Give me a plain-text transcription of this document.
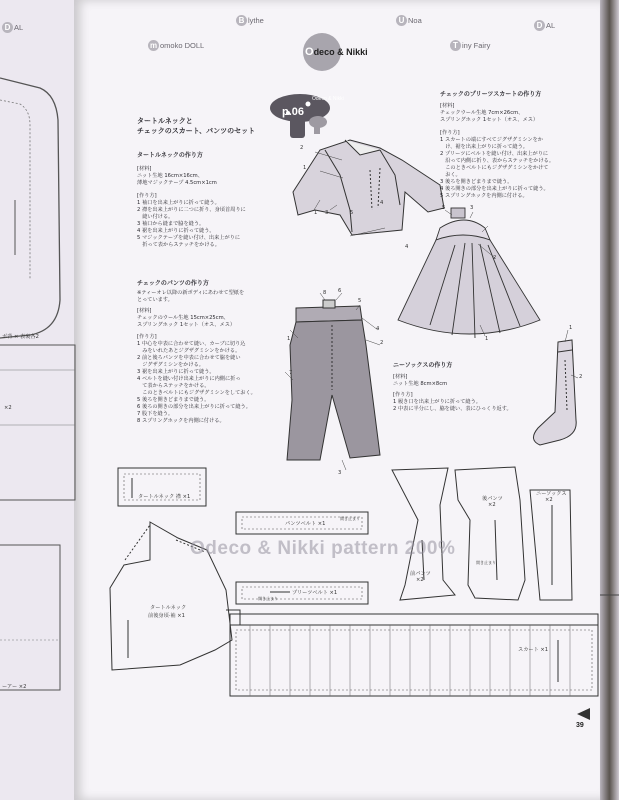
D AL
B lythe	U Noa
D AL
m omoko DOLL	T iny Fairy
Odeco & Nikki
p.06
Odeco & Nikki
タートルネックと
チェックのスカート、パンツのセット
タートルネックの作り方
[材料]
ニット生地 16cm×16cm、
薄地マジックテープ 4.5cm×1cm
[作り方]
1 袖口を出来上がりに折って縫う。
2 襟を出来上がりに二つに折り、身頃首周りに
　縫い付ける。
3 袖口から縫まで脇を縫う。
4 裾を出来上がりに折って縫う。
5 マジックテープを縫い付け、出来上がりに
　折って表からステッチをかける。
チェックのパンツの作り方
※ティーオレ以降の新ボディにあわせて型紙を
とっています。
[材料]
チェックのウール生地 15cm×25cm、
スプリングホック 1セット（オス、メス）
[作り方]
1 中心を中表に合わせて縫い、カーブに切り込
　みをいれたあとジグザグミシンをかける。
2 前と後ろパンツを中表に合わせて脇を縫い
　ジグザグミシンをかける。
3 裾を出来上がりに折って縫う。
4 ベルトを縫い付け出来上がりに内側に折っ
　て表からステッチをかける。
　このときベルトにもジグザグミシンをしておく。
5 後ろを開きどまりまで縫う。
6 後ろの開きの部分を出来上がりに折って縫う。
7 股下を縫う。
8 スプリングホックを内側に付ける。
チェックのプリーツスカートの作り方
[材料]
チェックウール生地 7cm×26cm、
スプリングホック 1セット（オス、メス）
[作り方]
1 スカートの端にすべてジグザグミシンをか
　け、裾を出来上がりに折って縫う。
2 プリーツにベルトを縫い付け、出来上がりに
　沿って内側に折り、表からステッチをかける。
　このときベルトにもジグザグミシンをかけて
　おく。
3 後ろを開きどまりまで縫う。
4 後ろ開きの部分を出来上がりに折って縫う。
5 スプリングホックを内側に付ける。
ニーソックスの作り方
[材料]
ニット生地 8cm×8cm
[作り方]
1 履き口を出来上がりに折って縫う。
2 中表に半分にし、脇を縫い、表にひっくり返す。
2
1
1 3
4
5
5	3
4
2
1
8 6
5
4
2
1
7
3
1
2
タートルネック 襟 ×1
タートルネック
前後身頃·袖 ×1
パンツベルト ×1
開き止まり
プリーツベルト ×1
開き止まり
前パンツ
×2
後パンツ
×2
開き止まり
ニーソックス
×2
スカート ×1
ボ背 × 表裏各2
×2
ーアー ×2
Odeco & Nikki pattern 200%
39
